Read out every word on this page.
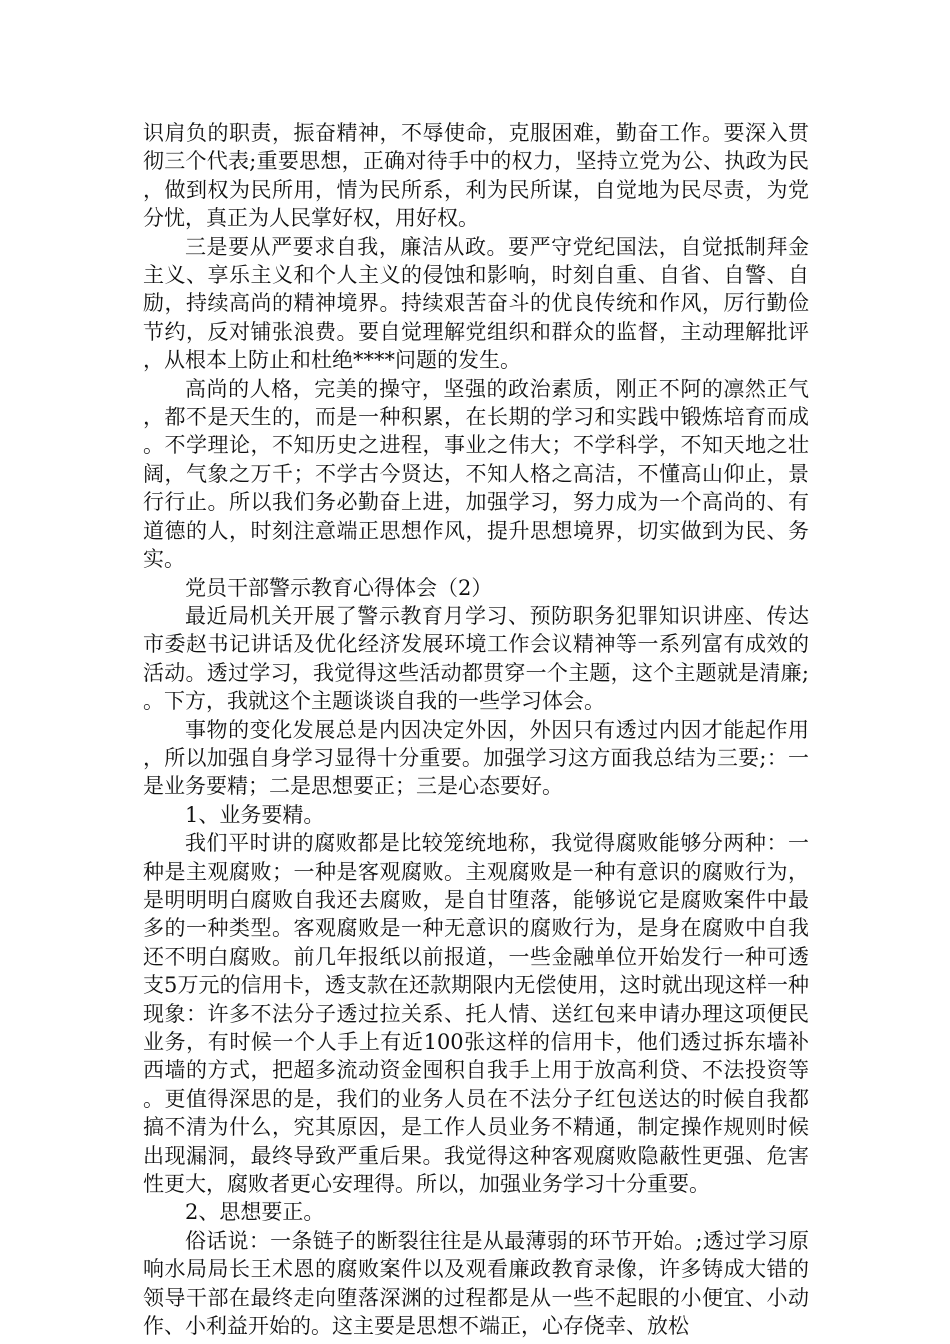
识肩负的职责，振奋精神，不辱使命，克服困难，勤奋工作。要深入贯彻三个代表;重要思想，正确对待手中的权力，坚持立党为公、执政为民，做到权为民所用，情为民所系，利为民所谋，自觉地为民尽责，为党分忧，真正为人民掌好权，用好权。

三是要从严要求自我，廉洁从政。要严守党纪国法，自觉抵制拜金主义、享乐主义和个人主义的侵蚀和影响，时刻自重、自省、自警、自励，持续高尚的精神境界。持续艰苦奋斗的优良传统和作风，厉行勤俭节约，反对铺张浪费。要自觉理解党组织和群众的监督，主动理解批评，从根本上防止和杜绝****问题的发生。

高尚的人格，完美的操守，坚强的政治素质，刚正不阿的凛然正气，都不是天生的，而是一种积累，在长期的学习和实践中锻炼培育而成。不学理论，不知历史之进程，事业之伟大；不学科学，不知天地之壮阔，气象之万千；不学古今贤达，不知人格之高洁，不懂高山仰止，景行行止。所以我们务必勤奋上进，加强学习，努力成为一个高尚的、有道德的人，时刻注意端正思想作风，提升思想境界，切实做到为民、务实。

党员干部警示教育心得体会（2）

最近局机关开展了警示教育月学习、预防职务犯罪知识讲座、传达市委赵书记讲话及优化经济发展环境工作会议精神等一系列富有成效的活动。透过学习，我觉得这些活动都贯穿一个主题，这个主题就是清廉;。下方，我就这个主题谈谈自我的一些学习体会。

事物的变化发展总是内因决定外因，外因只有透过内因才能起作用，所以加强自身学习显得十分重要。加强学习这方面我总结为三要;：一是业务要精；二是思想要正；三是心态要好。

1、业务要精。

我们平时讲的腐败都是比较笼统地称，我觉得腐败能够分两种：一种是主观腐败；一种是客观腐败。主观腐败是一种有意识的腐败行为，是明明明白腐败自我还去腐败，是自甘堕落，能够说它是腐败案件中最多的一种类型。客观腐败是一种无意识的腐败行为，是身在腐败中自我还不明白腐败。前几年报纸以前报道，一些金融单位开始发行一种可透支5万元的信用卡，透支款在还款期限内无偿使用，这时就出现这样一种现象：许多不法分子透过拉关系、托人情、送红包来申请办理这项便民业务，有时候一个人手上有近100张这样的信用卡，他们透过拆东墙补西墙的方式，把超多流动资金囤积自我手上用于放高利贷、不法投资等。更值得深思的是，我们的业务人员在不法分子红包送达的时候自我都搞不清为什么，究其原因，是工作人员业务不精通，制定操作规则时候出现漏洞，最终导致严重后果。我觉得这种客观腐败隐蔽性更强、危害性更大，腐败者更心安理得。所以，加强业务学习十分重要。

2、思想要正。

俗话说：一条链子的断裂往往是从最薄弱的环节开始。;透过学习原响水局局长王术恩的腐败案件以及观看廉政教育录像，许多铸成大错的领导干部在最终走向堕落深渊的过程都是从一些不起眼的小便宜、小动作、小利益开始的。这主要是思想不端正，心存侥幸、放松
